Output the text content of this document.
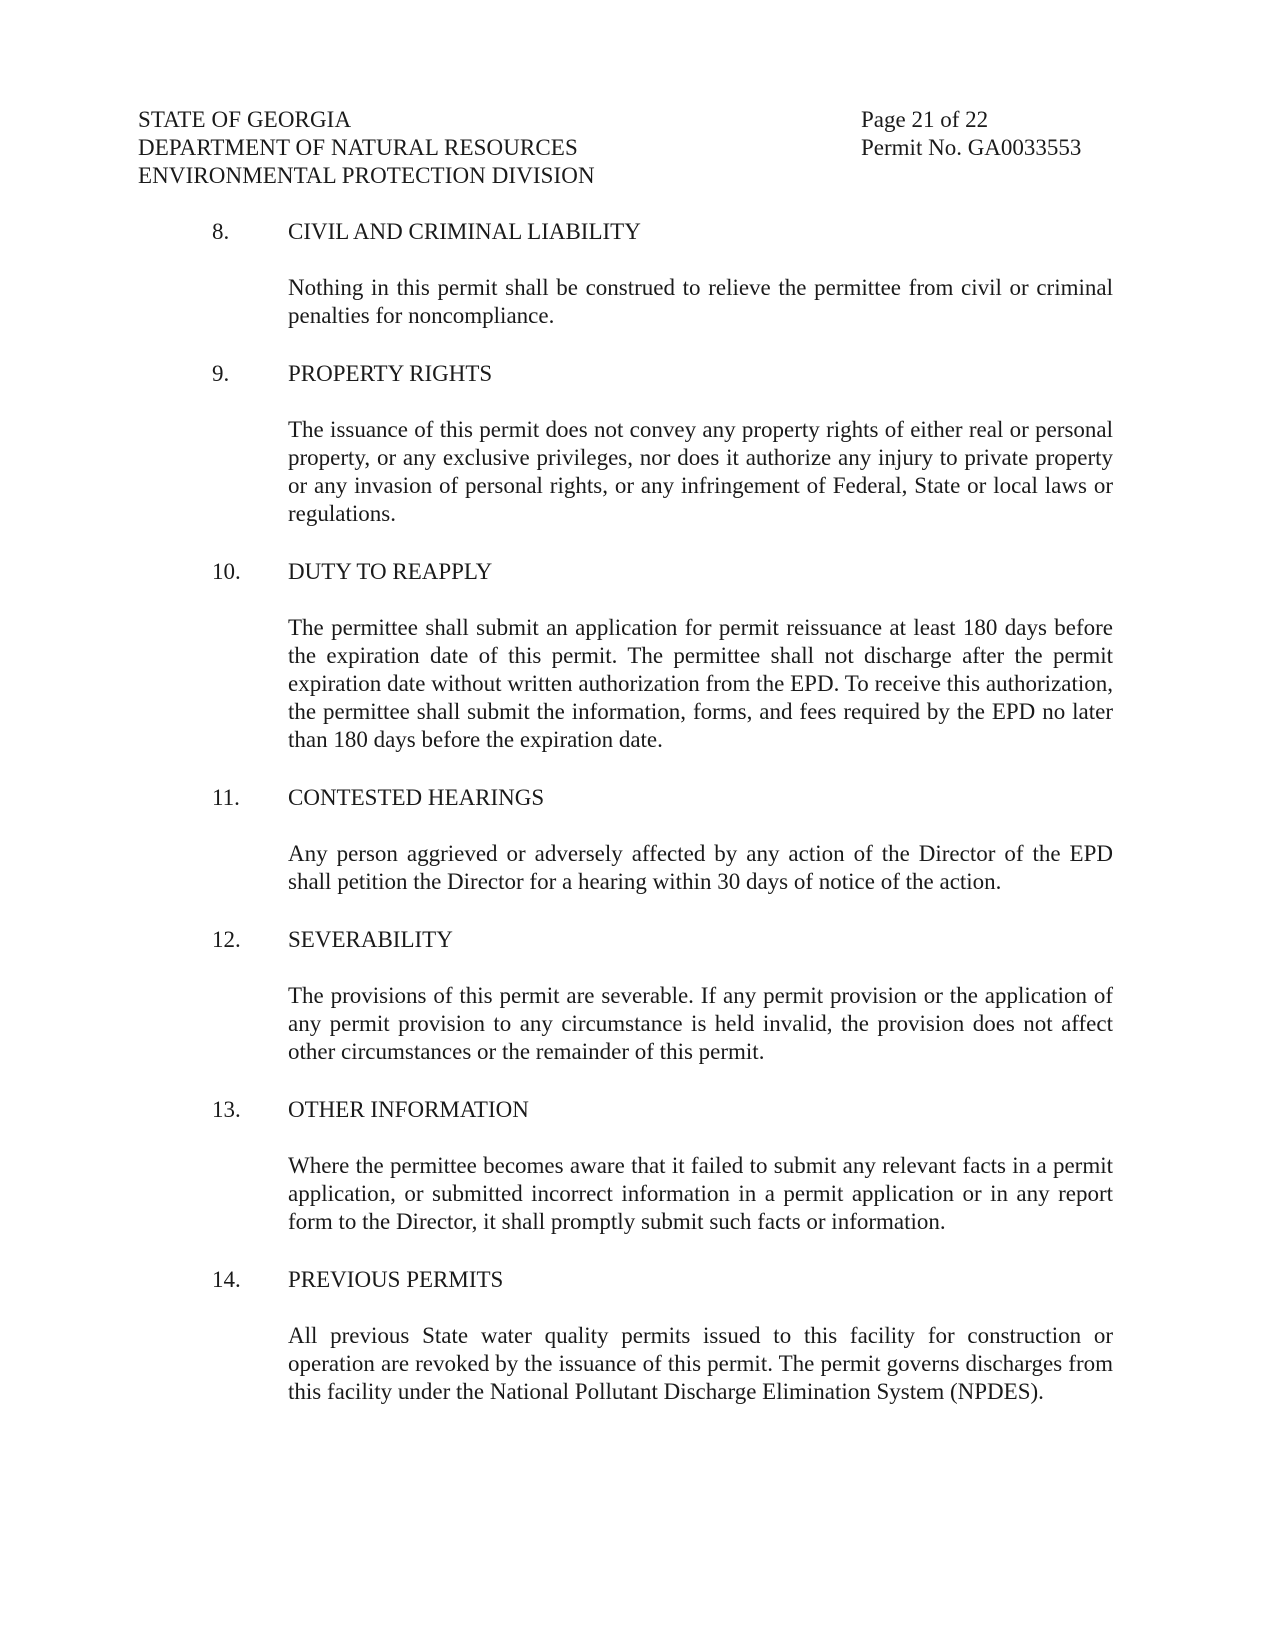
STATE OF GEORGIA
DEPARTMENT OF NATURAL RESOURCES
ENVIRONMENTAL PROTECTION DIVISION
Page 21 of 22
Permit No. GA0033553
8.	CIVIL AND CRIMINAL LIABILITY
Nothing in this permit shall be construed to relieve the permittee from civil or criminal penalties for noncompliance.
9.	PROPERTY RIGHTS
The issuance of this permit does not convey any property rights of either real or personal property, or any exclusive privileges, nor does it authorize any injury to private property or any invasion of personal rights, or any infringement of Federal, State or local laws or regulations.
10.	DUTY TO REAPPLY
The permittee shall submit an application for permit reissuance at least 180 days before the expiration date of this permit. The permittee shall not discharge after the permit expiration date without written authorization from the EPD. To receive this authorization, the permittee shall submit the information, forms, and fees required by the EPD no later than 180 days before the expiration date.
11.	CONTESTED HEARINGS
Any person aggrieved or adversely affected by any action of the Director of the EPD shall petition the Director for a hearing within 30 days of notice of the action.
12.	SEVERABILITY
The provisions of this permit are severable. If any permit provision or the application of any permit provision to any circumstance is held invalid, the provision does not affect other circumstances or the remainder of this permit.
13.	OTHER INFORMATION
Where the permittee becomes aware that it failed to submit any relevant facts in a permit application, or submitted incorrect information in a permit application or in any report form to the Director, it shall promptly submit such facts or information.
14.	PREVIOUS PERMITS
All previous State water quality permits issued to this facility for construction or operation are revoked by the issuance of this permit. The permit governs discharges from this facility under the National Pollutant Discharge Elimination System (NPDES).
